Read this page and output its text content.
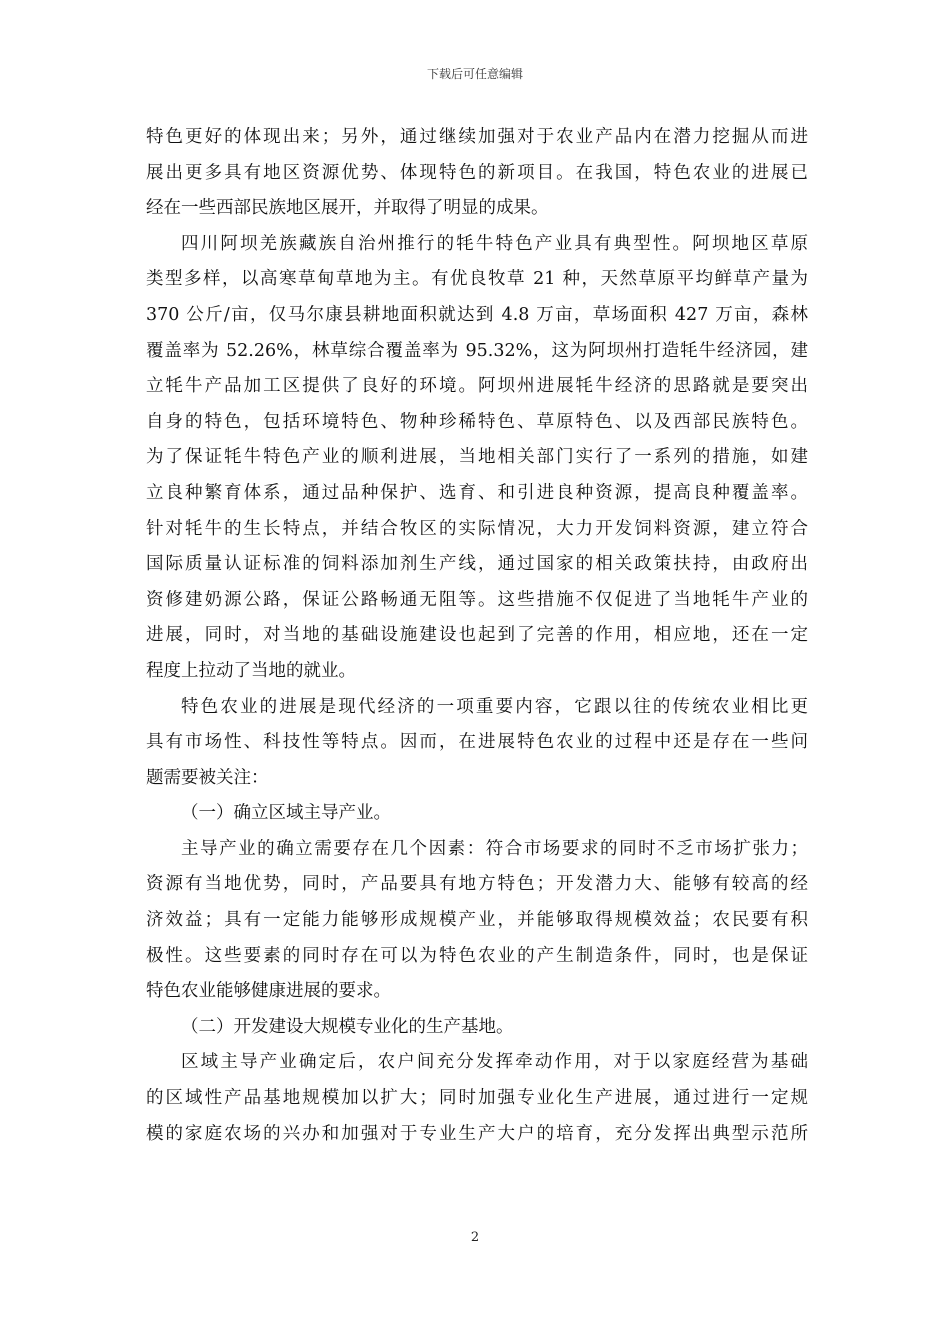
下载后可任意编辑
特色更好的体现出来；另外，通过继续加强对于农业产品内在潜力挖掘从而进
展出更多具有地区资源优势、体现特色的新项目。在我国，特色农业的进展已
经在一些西部民族地区展开，并取得了明显的成果。
四川阿坝羌族藏族自治州推行的牦牛特色产业具有典型性。阿坝地区草原
类型多样，以高寒草甸草地为主。有优良牧草 21 种，天然草原平均鲜草产量为
370 公斤/亩，仅马尔康县耕地面积就达到 4.8 万亩，草场面积 427 万亩，森林
覆盖率为 52.26%，林草综合覆盖率为 95.32%，这为阿坝州打造牦牛经济园，建
立牦牛产品加工区提供了良好的环境。阿坝州进展牦牛经济的思路就是要突出
自身的特色，包括环境特色、物种珍稀特色、草原特色、以及西部民族特色。
为了保证牦牛特色产业的顺利进展，当地相关部门实行了一系列的措施，如建
立良种繁育体系，通过品种保护、选育、和引进良种资源，提高良种覆盖率。
针对牦牛的生长特点，并结合牧区的实际情况，大力开发饲料资源，建立符合
国际质量认证标准的饲料添加剂生产线，通过国家的相关政策扶持，由政府出
资修建奶源公路，保证公路畅通无阻等。这些措施不仅促进了当地牦牛产业的
进展，同时，对当地的基础设施建设也起到了完善的作用，相应地，还在一定
程度上拉动了当地的就业。
特色农业的进展是现代经济的一项重要内容，它跟以往的传统农业相比更
具有市场性、科技性等特点。因而，在进展特色农业的过程中还是存在一些问
题需要被关注：
（一）确立区域主导产业。
主导产业的确立需要存在几个因素：符合市场要求的同时不乏市场扩张力；
资源有当地优势，同时，产品要具有地方特色；开发潜力大、能够有较高的经
济效益；具有一定能力能够形成规模产业，并能够取得规模效益；农民要有积
极性。这些要素的同时存在可以为特色农业的产生制造条件，同时，也是保证
特色农业能够健康进展的要求。
（二）开发建设大规模专业化的生产基地。
区域主导产业确定后，农户间充分发挥牵动作用，对于以家庭经营为基础
的区域性产品基地规模加以扩大；同时加强专业化生产进展，通过进行一定规
模的家庭农场的兴办和加强对于专业生产大户的培育，充分发挥出典型示范所
2
